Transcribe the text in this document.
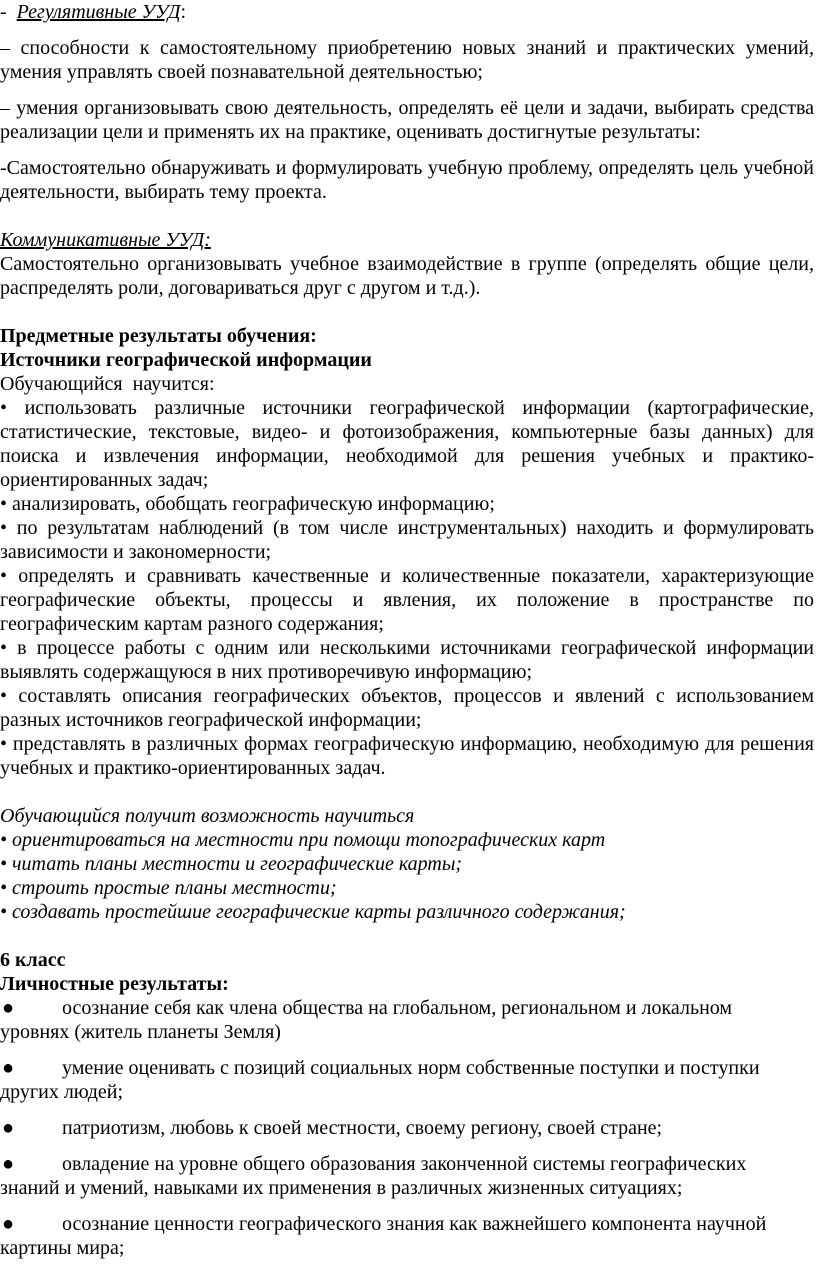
- Регулятивные УУД:
– способности к самостоятельному приобретению новых знаний и практических умений, умения управлять своей познавательной деятельностью;
– умения организовывать свою деятельность, определять её цели и задачи, выбирать средства реализации цели и применять их на практике, оценивать достигнутые результаты:
-Самостоятельно обнаруживать и формулировать учебную проблему, определять цель учебной деятельности, выбирать тему проекта.
Коммуникативные УУД:
Самостоятельно организовывать учебное взаимодействие в группе (определять общие цели, распределять роли, договариваться друг с другом и т.д.).
Предметные результаты обучения:
Источники географической информации
Обучающийся  научится:
• использовать различные источники географической информации (картографические, статистические, текстовые, видео- и фотоизображения, компьютерные базы данных) для поиска и извлечения информации, необходимой для решения учебных и практико-ориентированных задач;
• анализировать, обобщать географическую информацию;
• по результатам наблюдений (в том числе инструментальных) находить и формулировать зависимости и закономерности;
• определять и сравнивать качественные и количественные показатели, характеризующие географические объекты, процессы и явления, их положение в пространстве по географическим картам разного содержания;
• в процессе работы с одним или несколькими источниками географической информации выявлять содержащуюся в них противоречивую информацию;
• составлять описания географических объектов, процессов и явлений с использованием разных источников географической информации;
• представлять в различных формах географическую информацию, необходимую для решения учебных и практико-ориентированных задач.
Обучающийся получит возможность научиться
• ориентироваться на местности при помощи топографических карт
• читать планы местности и географические карты;
• строить простые планы местности;
• создавать простейшие географические карты различного содержания;
6 класс
Личностные результаты:
●	осознание себя как члена общества на глобальном, региональном и локальном
уровнях (житель планеты Земля)
●	умение оценивать с позиций социальных норм собственные поступки и поступки
других людей;
●	патриотизм, любовь к своей местности, своему региону, своей стране;
●	овладение на уровне общего образования законченной системы географических
знаний и умений, навыками их применения в различных жизненных ситуациях;
●	осознание ценности географического знания как важнейшего компонента научной
картины мира;
